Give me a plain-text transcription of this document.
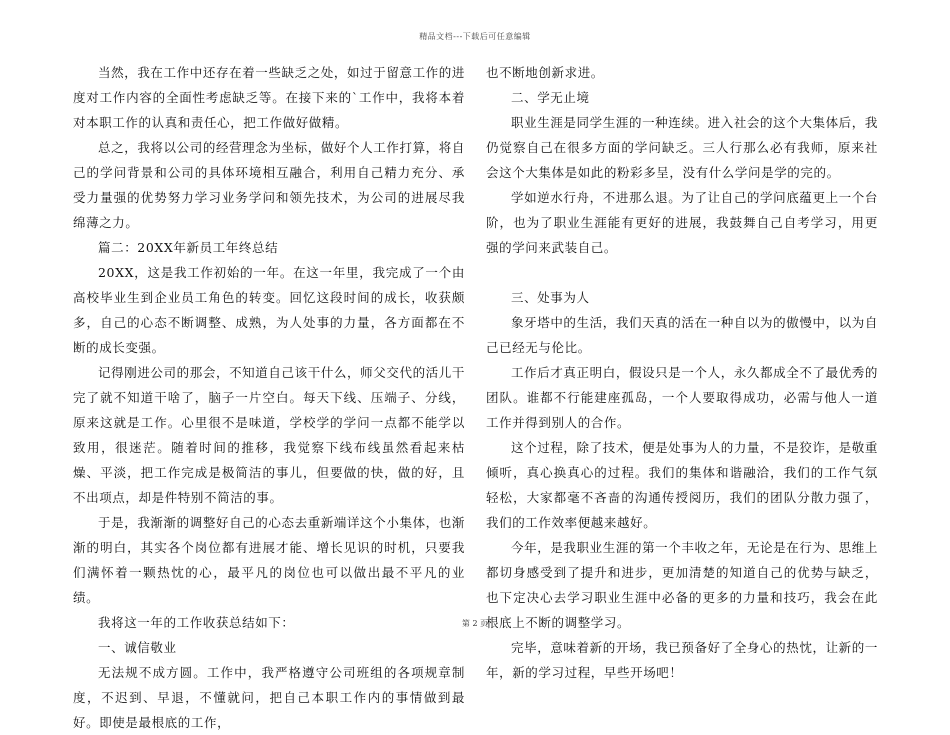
精品文档---下载后可任意编辑

当然，我在工作中还存在着一些缺乏之处，如过于留意工作的进度对工作内容的全面性考虑缺乏等。在接下来的`工作中，我将本着对本职工作的认真和责任心，把工作做好做精。

总之，我将以公司的经营理念为坐标，做好个人工作打算，将自己的学问背景和公司的具体环境相互融合，利用自己精力充分、承受力量强的优势努力学习业务学问和领先技术，为公司的进展尽我绵薄之力。

篇二：20XX年新员工年终总结

20XX，这是我工作初始的一年。在这一年里，我完成了一个由高校毕业生到企业员工角色的转变。回忆这段时间的成长，收获颇多，自己的心态不断调整、成熟，为人处事的力量，各方面都在不断的成长变强。

记得刚进公司的那会，不知道自己该干什么，师父交代的活儿干完了就不知道干啥了，脑子一片空白。每天下线、压端子、分线，原来这就是工作。心里很不是味道，学校学的学问一点都不能学以致用，很迷茫。随着时间的推移，我觉察下线布线虽然看起来枯燥、平淡，把工作完成是极简洁的事儿，但要做的快，做的好，且不出项点，却是件特别不简洁的事。

于是，我渐渐的调整好自己的心态去重新端详这个小集体，也渐渐的明白，其实各个岗位都有进展才能、增长见识的时机，只要我们满怀着一颗热忱的心，最平凡的岗位也可以做出最不平凡的业绩。

我将这一年的工作收获总结如下：

一、诚信敬业

无法规不成方圆。工作中，我严格遵守公司班组的各项规章制度，不迟到、早退，不懂就问，把自己本职工作内的事情做到最好。即使是最根底的工作，

也不断地创新求进。

二、学无止境

职业生涯是同学生涯的一种连续。进入社会的这个大集体后，我仍觉察自己在很多方面的学问缺乏。三人行那么必有我师，原来社会这个大集体是如此的粉彩多呈，没有什么学问是学的完的。

学如逆水行舟，不进那么退。为了让自己的学问底蕴更上一个台阶，也为了职业生涯能有更好的进展，我鼓舞自己自考学习，用更强的学问来武装自己。

三、处事为人

象牙塔中的生活，我们天真的活在一种自以为的傲慢中，以为自己已经无与伦比。

工作后才真正明白，假设只是一个人，永久都成全不了最优秀的团队。谁都不行能建座孤岛，一个人要取得成功，必需与他人一道工作并得到别人的合作。

这个过程，除了技术，便是处事为人的力量，不是狡诈，是敬重倾听，真心换真心的过程。我们的集体和谐融洽，我们的工作气氛轻松，大家都毫不吝啬的沟通传授阅历，我们的团队分散力强了，我们的工作效率便越来越好。

今年，是我职业生涯的第一个丰收之年，无论是在行为、思维上都切身感受到了提升和进步，更加清楚的知道自己的优势与缺乏，也下定决心去学习职业生涯中必备的更多的力量和技巧，我会在此根底上不断的调整学习。

完毕，意味着新的开场，我已预备好了全身心的热忱，让新的一年，新的学习过程，早些开场吧！

第 2 页
